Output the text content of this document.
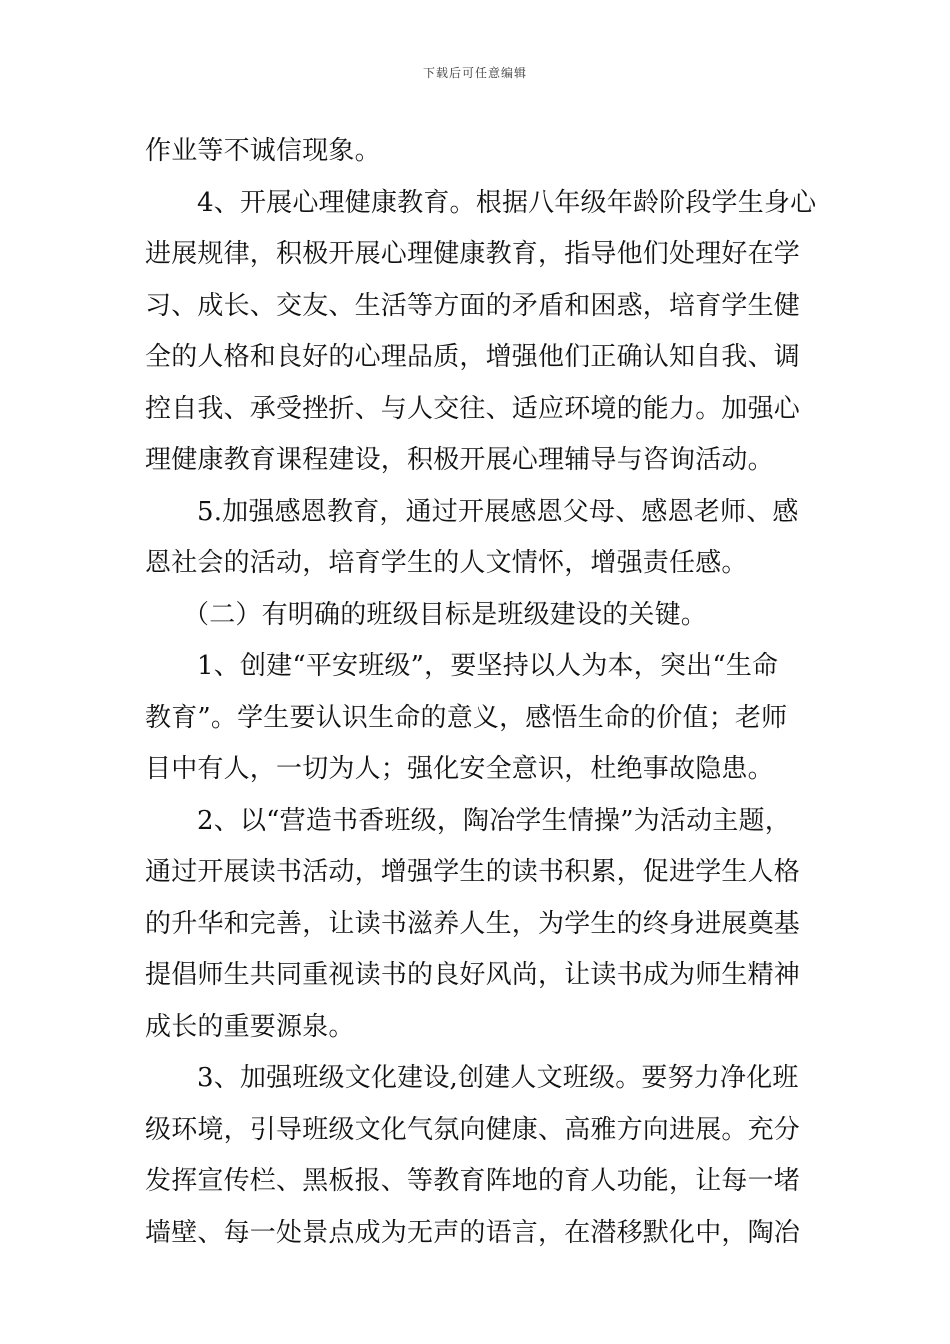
下载后可任意编辑
作业等不诚信现象。
4、开展心理健康教育。根据八年级年龄阶段学生身心
进展规律，积极开展心理健康教育，指导他们处理好在学
习、成长、交友、生活等方面的矛盾和困惑，培育学生健
全的人格和良好的心理品质，增强他们正确认知自我、调
控自我、承受挫折、与人交往、适应环境的能力。加强心
理健康教育课程建设，积极开展心理辅导与咨询活动。
5.加强感恩教育，通过开展感恩父母、感恩老师、感
恩社会的活动，培育学生的人文情怀，增强责任感。
（二）有明确的班级目标是班级建设的关键。
1、创建“平安班级”，要坚持以人为本，突出“生命
教育”。学生要认识生命的意义，感悟生命的价值；老师
目中有人，一切为人；强化安全意识，杜绝事故隐患。
2、以“营造书香班级，陶冶学生情操”为活动主题，
通过开展读书活动，增强学生的读书积累，促进学生人格
的升华和完善，让读书滋养人生，为学生的终身进展奠基
提倡师生共同重视读书的良好风尚，让读书成为师生精神
成长的重要源泉。
3、加强班级文化建设,创建人文班级。要努力净化班
级环境，引导班级文化气氛向健康、高雅方向进展。充分
发挥宣传栏、黑板报、等教育阵地的育人功能，让每一堵
墙壁、每一处景点成为无声的语言，在潜移默化中，陶冶
